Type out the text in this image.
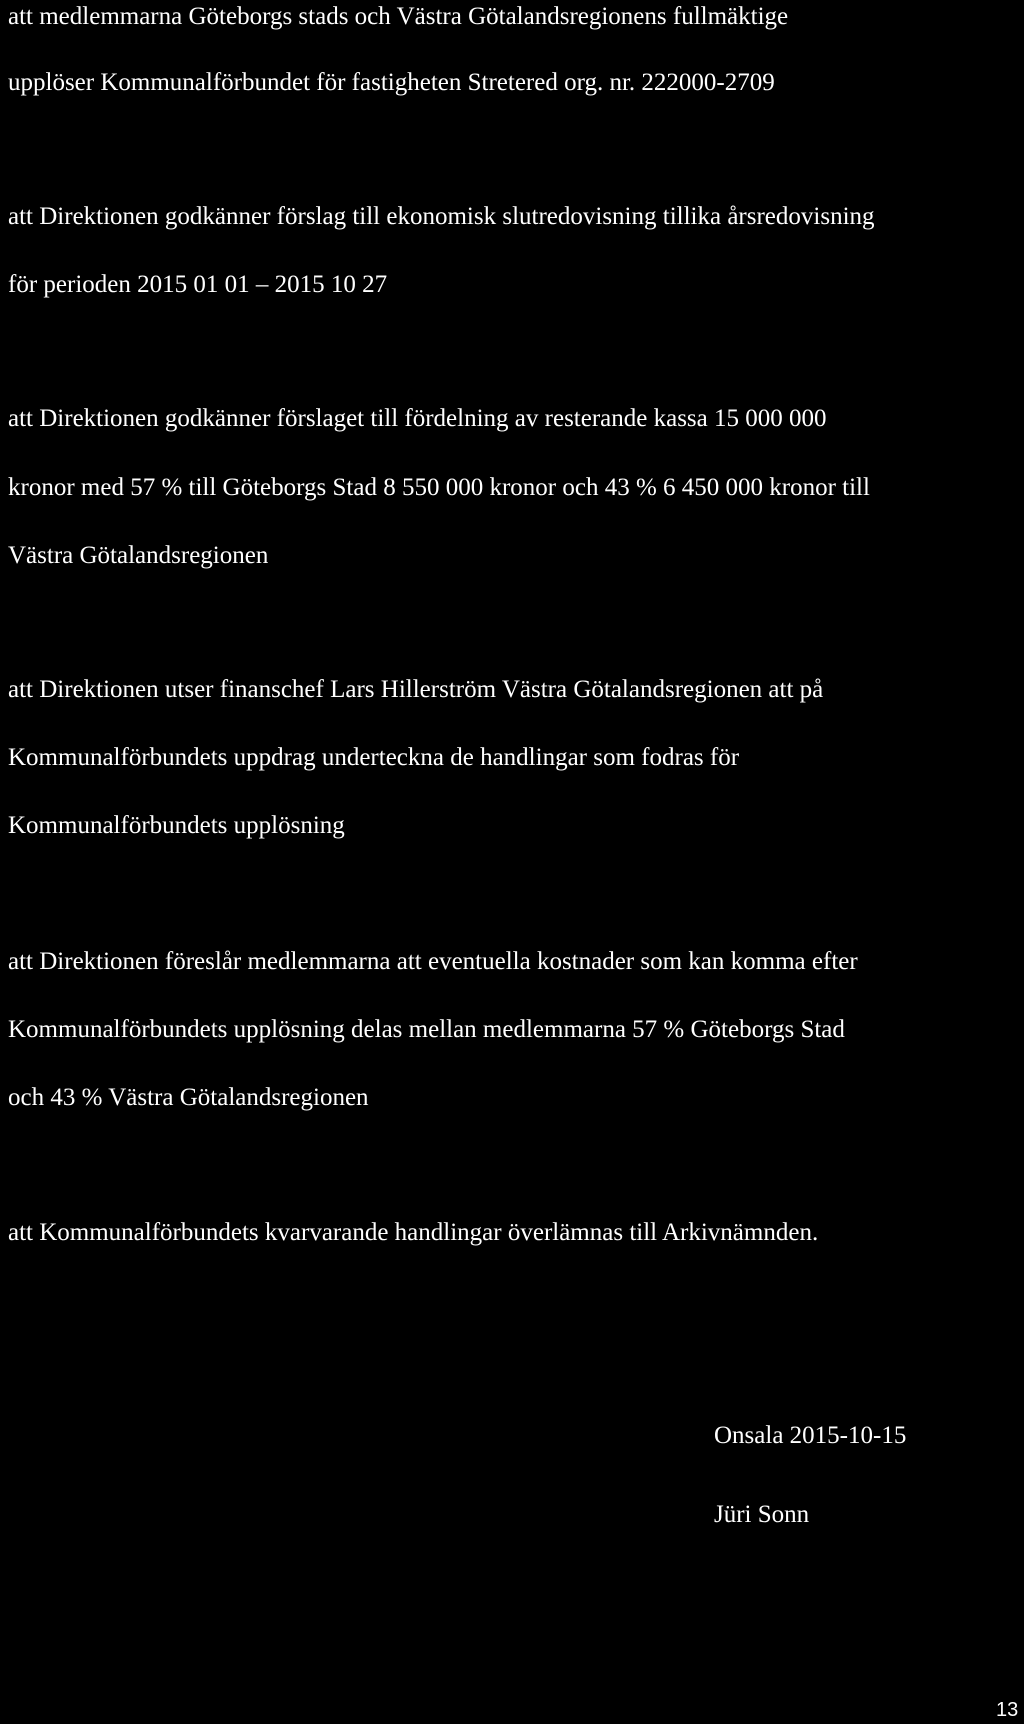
att medlemmarna Göteborgs stads och Västra Götalandsregionens fullmäktige
upplöser Kommunalförbundet för fastigheten Stretered org. nr. 222000-2709
att Direktionen godkänner förslag till ekonomisk slutredovisning tillika årsredovisning
för perioden 2015 01 01 – 2015 10 27
att Direktionen godkänner förslaget till fördelning av resterande kassa 15 000 000
kronor med 57 % till Göteborgs Stad 8 550 000 kronor och 43 % 6 450 000 kronor till
Västra Götalandsregionen
att Direktionen utser finanschef Lars Hillerström Västra Götalandsregionen att på
Kommunalförbundets uppdrag underteckna de handlingar som fodras för
Kommunalförbundets upplösning
att Direktionen föreslår medlemmarna att eventuella kostnader som kan komma efter
Kommunalförbundets upplösning delas mellan medlemmarna 57 % Göteborgs Stad
och 43 % Västra Götalandsregionen
att Kommunalförbundets kvarvarande handlingar överlämnas till Arkivnämnden.
Onsala 2015-10-15
Jüri Sonn
13
